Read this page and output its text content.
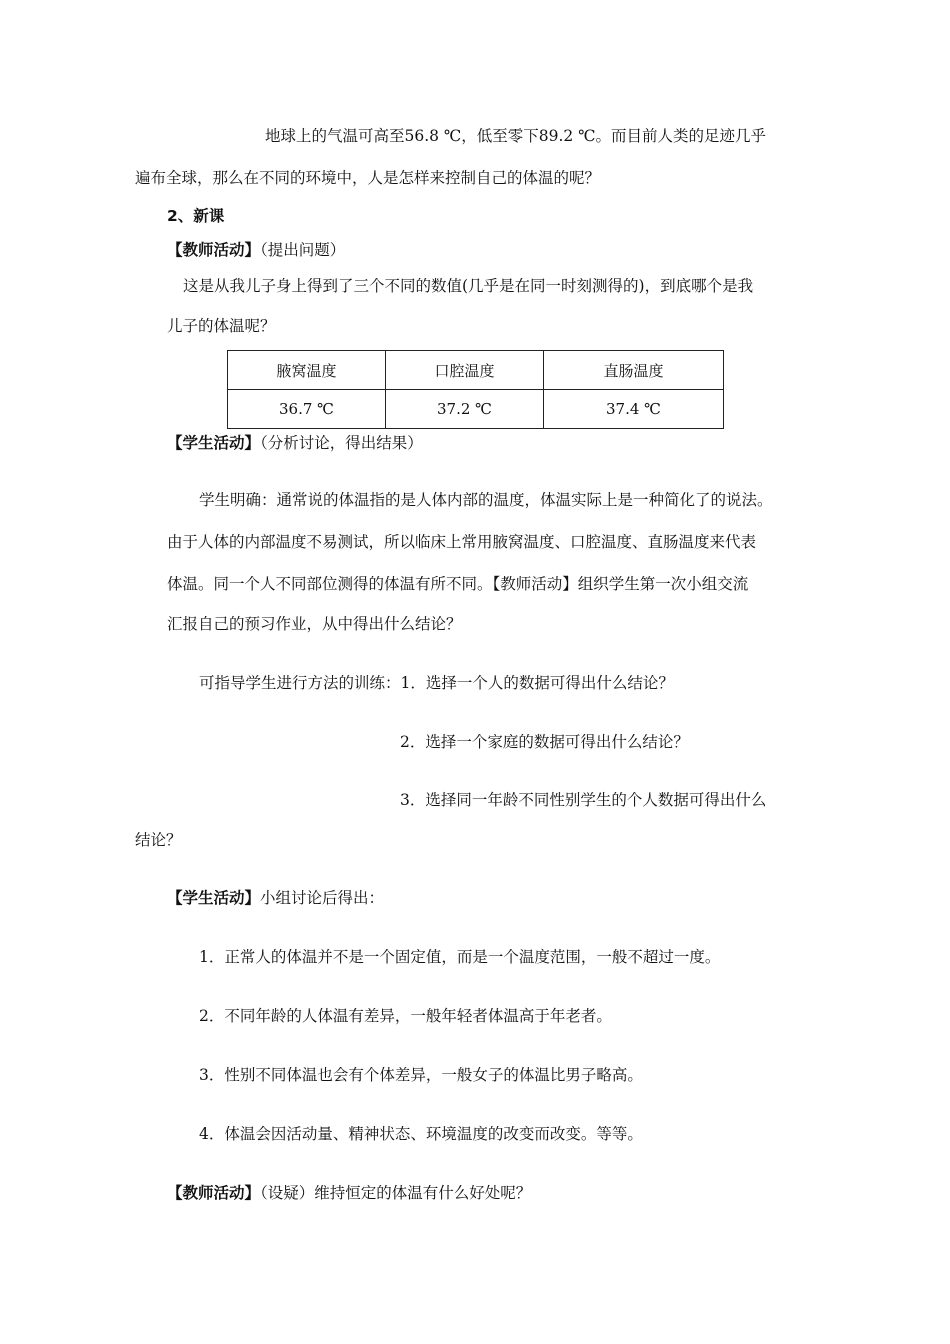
地球上的气温可高至56.8 ℃，低至零下89.2 ℃。而目前人类的足迹几乎
遍布全球，那么在不同的环境中，人是怎样来控制自己的体温的呢？
2、新课
【教师活动】（提出问题）
这是从我儿子身上得到了三个不同的数值(几乎是在同一时刻测得的)，到底哪个是我
儿子的体温呢？
腋窝温度	口腔温度	直肠温度
36.7 ℃	37.2 ℃	37.4 ℃
【学生活动】（分析讨论，得出结果）
学生明确：通常说的体温指的是人体内部的温度，体温实际上是一种简化了的说法。
由于人体的内部温度不易测试，所以临床上常用腋窝温度、口腔温度、直肠温度来代表
体温。同一个人不同部位测得的体温有所不同。【教师活动】组织学生第一次小组交流
汇报自己的预习作业，从中得出什么结论？
可指导学生进行方法的训练：1．选择一个人的数据可得出什么结论？
2．选择一个家庭的数据可得出什么结论？
3．选择同一年龄不同性别学生的个人数据可得出什么
结论？
【学生活动】小组讨论后得出：
1．正常人的体温并不是一个固定值，而是一个温度范围，一般不超过一度。
2．不同年龄的人体温有差异，一般年轻者体温高于年老者。
3．性别不同体温也会有个体差异，一般女子的体温比男子略高。
4．体温会因活动量、精神状态、环境温度的改变而改变。等等。
【教师活动】（设疑）维持恒定的体温有什么好处呢？
